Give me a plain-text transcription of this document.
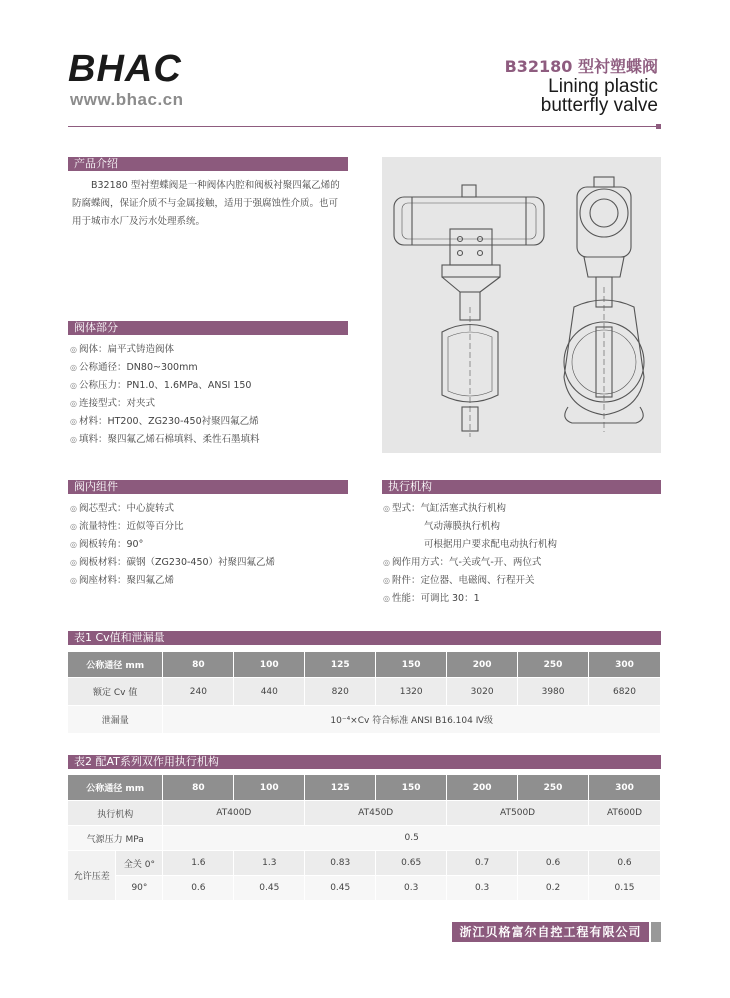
BHAC
www.bhac.cn
B32180 型衬塑蝶阀
Lining plastic
butterfly valve
产品介绍
B32180 型衬塑蝶阀是一种阀体内腔和阀板衬聚四氟乙烯的
防腐蝶阀，保证介质不与金属接触，适用于强腐蚀性介质。也可
用于城市水厂及污水处理系统。
阀体部分
◎ 阀体：扁平式铸造阀体
◎ 公称通径：DN80~300mm
◎ 公称压力：PN1.0、1.6MPa、ANSI 150
◎ 连接型式：对夹式
◎ 材料：HT200、ZG230-450衬聚四氟乙烯
◎ 填料：聚四氟乙烯石棉填料、柔性石墨填料
阀内组件
◎ 阀芯型式：中心旋转式
◎ 流量特性：近似等百分比
◎ 阀板转角：90°
◎ 阀板材料：碳钢（ZG230-450）衬聚四氟乙烯
◎ 阀座材料：聚四氟乙烯
执行机构
◎ 型式：气缸活塞式执行机构
气动薄膜执行机构
可根据用户要求配电动执行机构
◎ 阀作用方式：气-关或气-开、两位式
◎ 附件：定位器、电磁阀、行程开关
◎ 性能：可调比 30：1
表1 Cv值和泄漏量
公称通径 mm	80	100	125	150	200	250	300
额定 Cv 值	240	440	820	1320	3020	3980	6820
泄漏量	10⁻⁴×Cv 符合标准 ANSI B16.104 Ⅳ级						
表2 配AT系列双作用执行机构
公称通径 mm		80	100	125	150	200	250	300
执行机构		AT400D		AT450D		AT500D		AT600D
气源压力 MPa		0.5						
允许压差	全关 0°	1.6	1.3	0.83	0.65	0.7	0.6	0.6
	90°	0.6	0.45	0.45	0.3	0.3	0.2	0.15
浙江贝格富尔自控工程有限公司
